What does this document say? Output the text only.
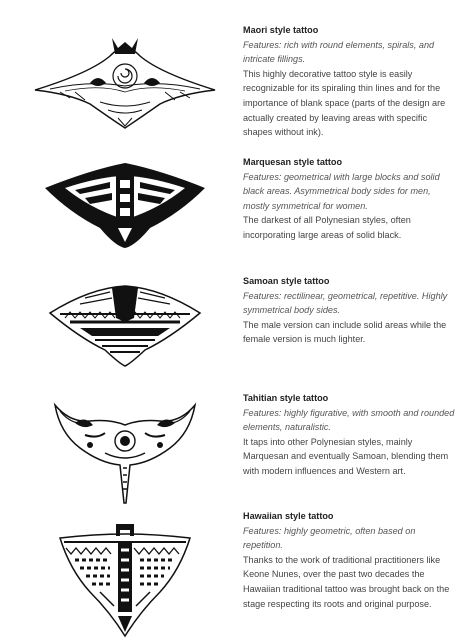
Maori style tattoo

Features: rich with round elements, spirals, and intricate fillings.

This highly decorative tattoo style is easily recognizable for its spiraling thin lines and for the importance of blank space (parts of the design are actually created by leaving areas with specific shapes without ink).

Marquesan style tattoo

Features: geometrical with large blocks and solid black areas. Asymmetrical body sides for men, mostly symmetrical for women.

The darkest of all Polynesian styles, often incorporating large areas of solid black.

Samoan style tattoo

Features: rectilinear, geometrical, repetitive. Highly symmetrical body sides.

The male version can include solid areas while the female version is much lighter.

Tahitian style tattoo

Features: highly figurative, with smooth and rounded elements, naturalistic.

It taps into other Polynesian styles, mainly Marquesan and eventually Samoan, blending them with modern influences and Western art.

Hawaiian style tattoo

Features: highly geometric, often based on repetition.

Thanks to the work of traditional practitioners like Keone Nunes, over the past two decades the Hawaiian traditional tattoo was brought back on the stage respecting its roots and original purpose.
